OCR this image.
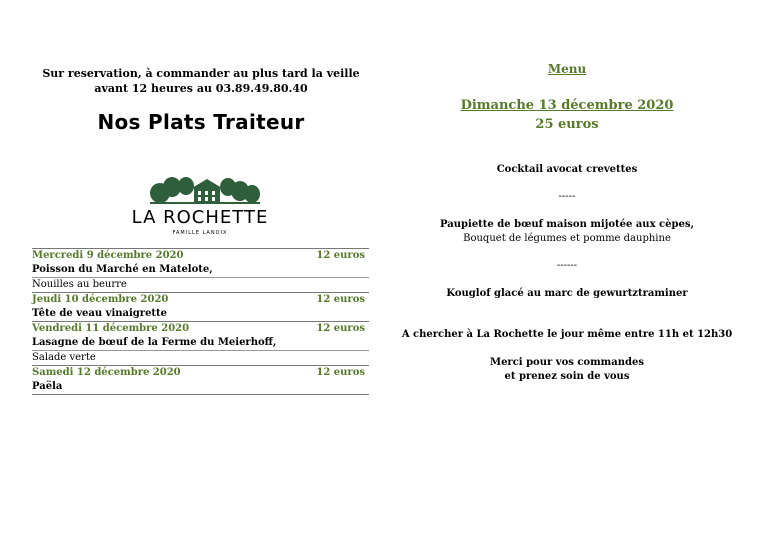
Sur reservation, à commander au plus tard la veille
avant 12 heures au 03.89.49.80.40
Nos Plats Traiteur
LA ROCHETTE
FAMILLE LANOIX
Mercredi 9 décembre 2020	12 euros
Poisson du Marché en Matelote,
Nouilles au beurre
Jeudi 10 décembre 2020	12 euros
Tête de veau vinaigrette
Vendredi 11 décembre 2020	12 euros
Lasagne de bœuf de la Ferme du Meierhoff,
Salade verte
Samedi 12 décembre 2020	12 euros
Paëla
Menu
Dimanche 13 décembre 2020
25 euros
Cocktail avocat crevettes
-----
Paupiette de bœuf maison mijotée aux cèpes,
Bouquet de légumes et pomme dauphine
------
Kouglof glacé au marc de gewurtztraminer
A chercher à La Rochette le jour même entre 11h et 12h30
Merci pour vos commandes
et prenez soin de vous
